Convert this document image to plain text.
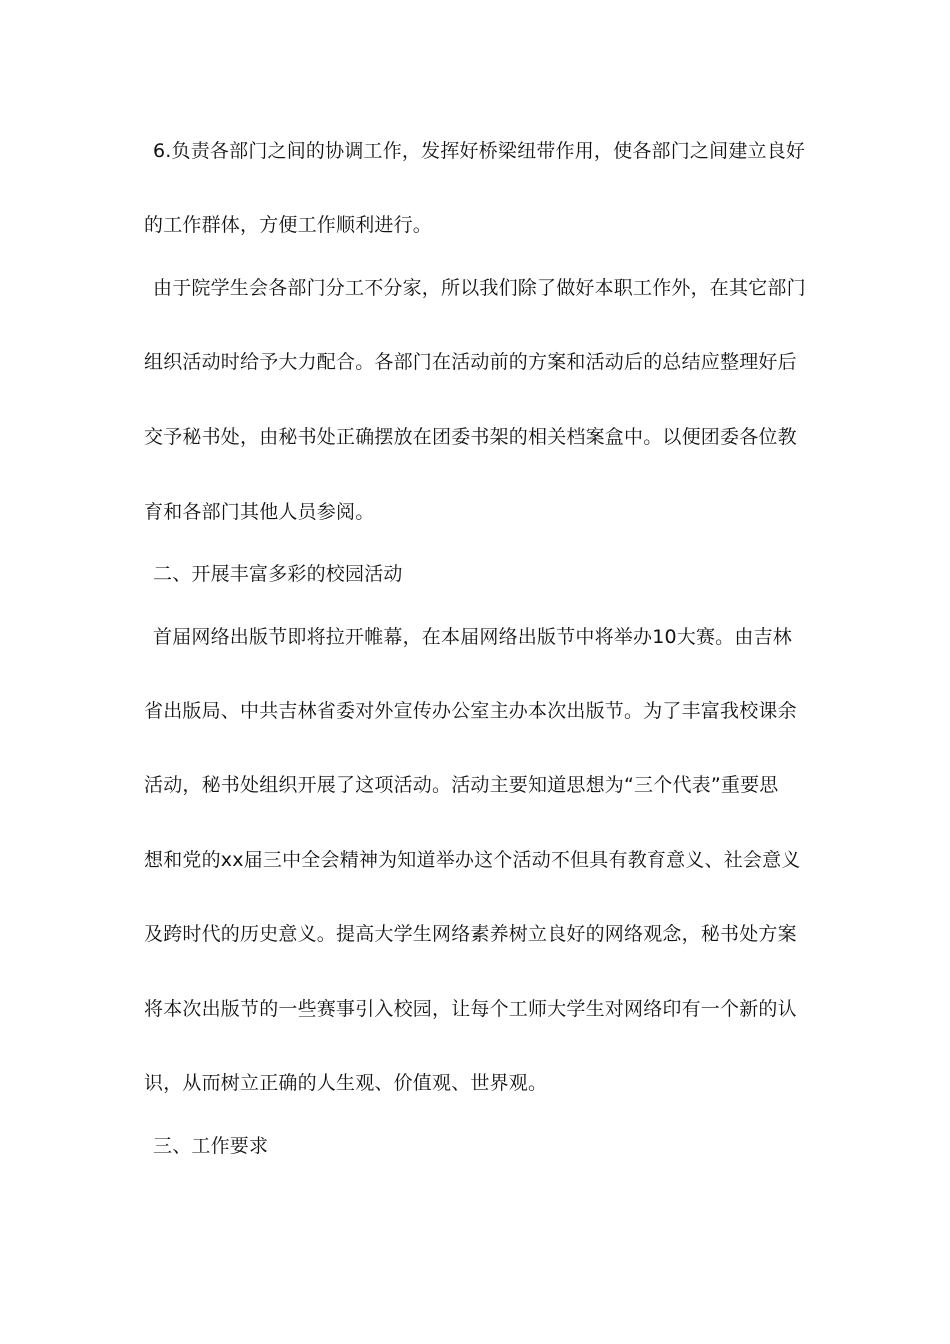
6.负责各部门之间的协调工作，发挥好桥梁纽带作用，使各部门之间建立良好
的工作群体，方便工作顺利进行。
由于院学生会各部门分工不分家，所以我们除了做好本职工作外，在其它部门
组织活动时给予大力配合。各部门在活动前的方案和活动后的总结应整理好后
交予秘书处，由秘书处正确摆放在团委书架的相关档案盒中。以便团委各位教
育和各部门其他人员参阅。
二、开展丰富多彩的校园活动
首届网络出版节即将拉开帷幕，在本届网络出版节中将举办10大赛。由吉林
省出版局、中共吉林省委对外宣传办公室主办本次出版节。为了丰富我校课余
活动，秘书处组织开展了这项活动。活动主要知道思想为“三个代表”重要思
想和党的xx届三中全会精神为知道举办这个活动不但具有教育意义、社会意义
及跨时代的历史意义。提高大学生网络素养树立良好的网络观念，秘书处方案
将本次出版节的一些赛事引入校园，让每个工师大学生对网络印有一个新的认
识，从而树立正确的人生观、价值观、世界观。
三、工作要求
